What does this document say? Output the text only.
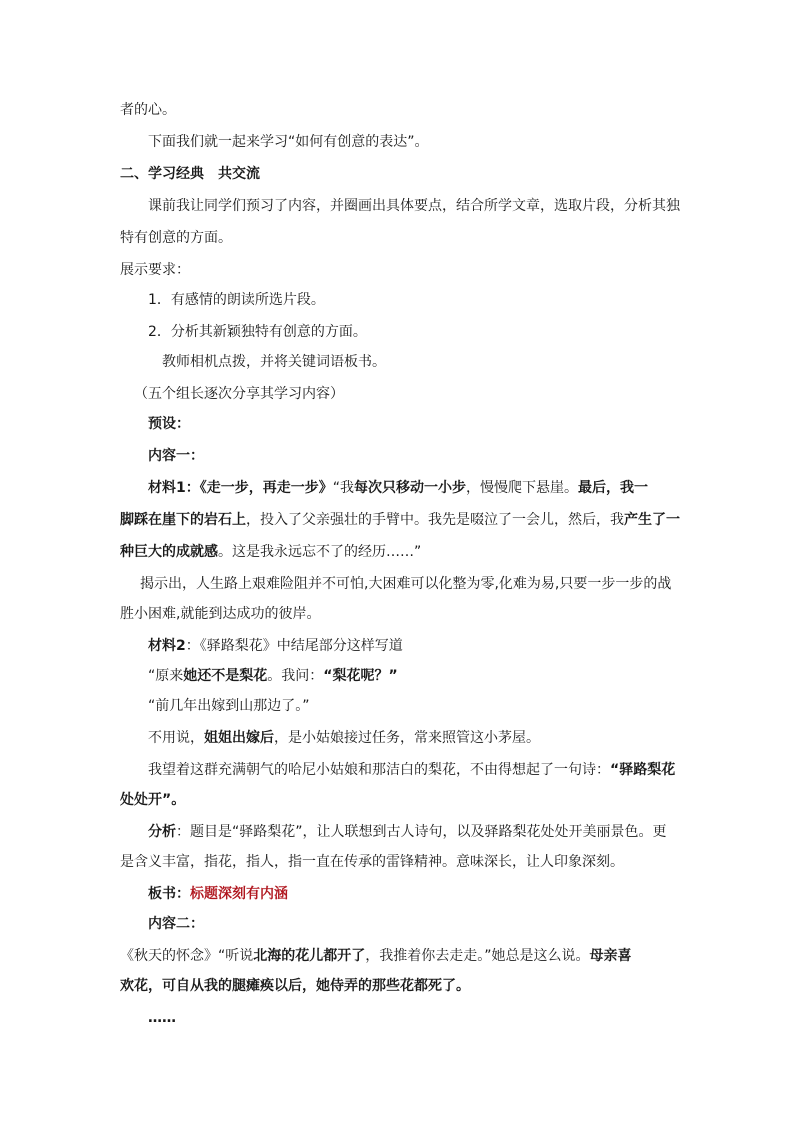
者的心。
下面我们就一起来学习“如何有创意的表达”。
二、学习经典　共交流
课前我让同学们预习了内容，并圈画出具体要点，结合所学文章，选取片段，分析其独
特有创意的方面。
展示要求：
1．有感情的朗读所选片段。
2．分析其新颖独特有创意的方面。
教师相机点拨，并将关键词语板书。
（五个组长逐次分享其学习内容）
预设：
内容一：
材料1：《走一步，再走一步》“我每次只移动一小步，慢慢爬下悬崖。最后，我一
脚踩在崖下的岩石上，投入了父亲强壮的手臂中。我先是啜泣了一会儿，然后，我产生了一
种巨大的成就感。这是我永远忘不了的经历……”
揭示出，人生路上艰难险阻并不可怕,大困难可以化整为零,化难为易,只要一步一步的战
胜小困难,就能到达成功的彼岸。
材料2：《驿路梨花》中结尾部分这样写道
“原来她还不是梨花。我问：“梨花呢？”
“前几年出嫁到山那边了。”
不用说，姐姐出嫁后，是小姑娘接过任务，常来照管这小茅屋。
我望着这群充满朝气的哈尼小姑娘和那洁白的梨花，不由得想起了一句诗：“驿路梨花
处处开”。
分析：题目是“驿路梨花”，让人联想到古人诗句，以及驿路梨花处处开美丽景色。更
是含义丰富，指花，指人，指一直在传承的雷锋精神。意味深长，让人印象深刻。
板书：标题深刻有内涵
内容二：
《秋天的怀念》“听说北海的花儿都开了，我推着你去走走。”她总是这么说。母亲喜
欢花，可自从我的腿瘫痪以后，她侍弄的那些花都死了。
……
